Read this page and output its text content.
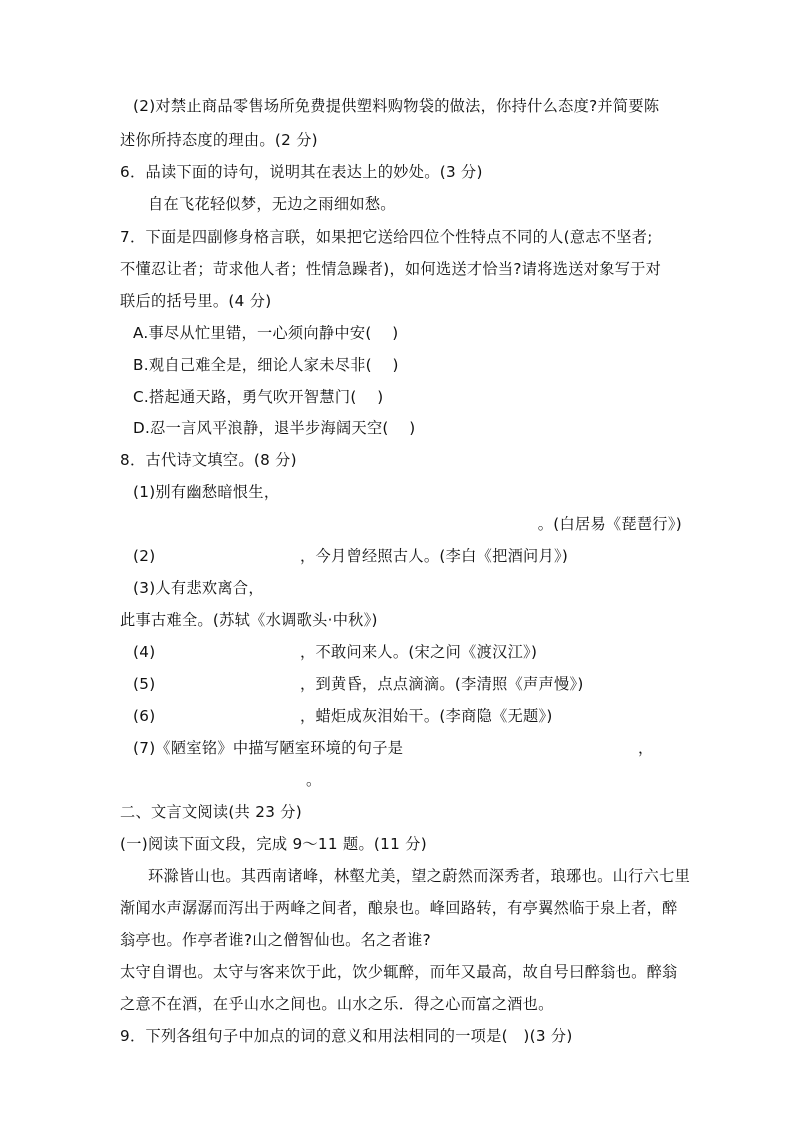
(2)对禁止商品零售场所免费提供塑料购物袋的做法，你持什么态度?并简要陈

述你所持态度的理由。(2 分)

6．品读下面的诗句，说明其在表达上的妙处。(3 分)

自在飞花轻似梦，无边之雨细如愁。

7．下面是四副修身格言联，如果把它送给四位个性特点不同的人(意志不坚者;

不懂忍让者；苛求他人者；性情急躁者)，如何选送才恰当?请将选送对象写于对

联后的括号里。(4 分)

A.事尽从忙里错，一心须向静中安(　 )

B.观自己难全是，细论人家未尽非(　 )

C.搭起通天路，勇气吹开智慧门(　 )

D.忍一言风平浪静，退半步海阔天空(　 )

8．古代诗文填空。(8 分)

(1)别有幽愁暗恨生，

。(白居易《琵琶行》)

(2)	，今月曾经照古人。(李白《把酒问月》)

(3)人有悲欢离合，

此事古难全。(苏轼《水调歌头·中秋》)

(4)	，不敢问来人。(宋之问《渡汉江》)

(5)	，到黄昏，点点滴滴。(李清照《声声慢》)

(6)	，蜡炬成灰泪始干。(李商隐《无题》)

(7)《陋室铭》中描写陋室环境的句子是	，

。

二、文言文阅读(共 23 分)

(一)阅读下面文段，完成 9～11 题。(11 分)

环滁皆山也。其西南诸峰，林壑尤美，望之蔚然而深秀者，琅琊也。山行六七里

渐闻水声潺潺而泻出于两峰之间者，酿泉也。峰回路转，有亭翼然临于泉上者，醉

翁亭也。作亭者谁?山之僧智仙也。名之者谁?

太守自谓也。太守与客来饮于此，饮少辄醉，而年又最高，故自号曰醉翁也。醉翁

之意不在酒，在乎山水之间也。山水之乐．得之心而富之酒也。

9．下列各组句子中加点的词的意义和用法相同的一项是(　)(3 分)
